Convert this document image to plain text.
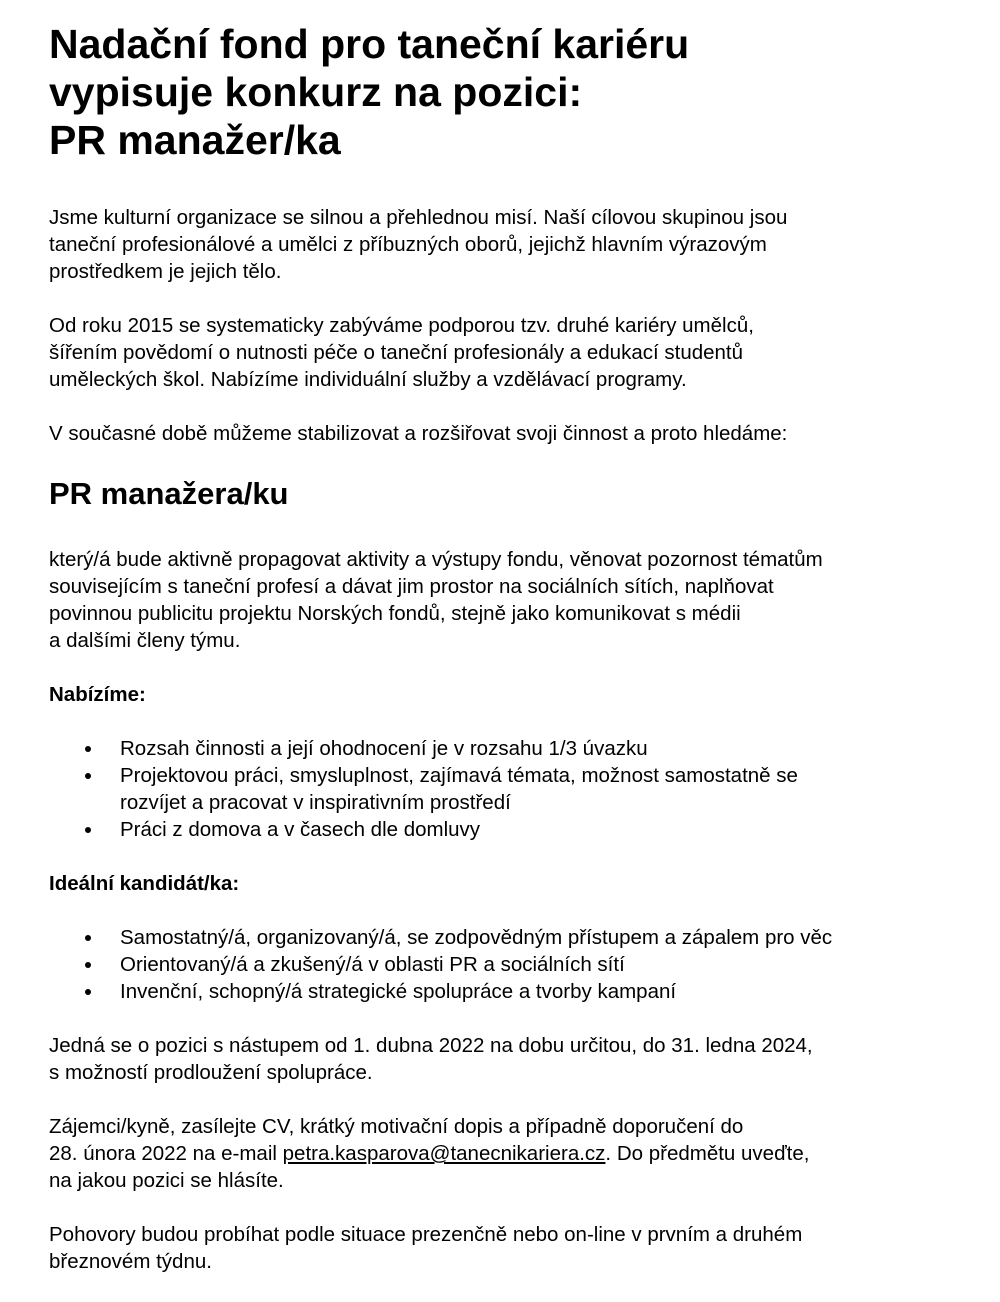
Nadační fond pro taneční kariéru
vypisuje konkurz na pozici:
PR manažer/ka

Jsme kulturní organizace se silnou a přehlednou misí. Naší cílovou skupinou jsou
taneční profesionálové a umělci z příbuzných oborů, jejichž hlavním výrazovým
prostředkem je jejich tělo.

Od roku 2015 se systematicky zabýváme podporou tzv. druhé kariéry umělců,
šířením povědomí o nutnosti péče o taneční profesionály a edukací studentů
uměleckých škol. Nabízíme individuální služby a vzdělávací programy.

V současné době můžeme stabilizovat a rozšiřovat svoji činnost a proto hledáme:

PR manažera/ku

který/á bude aktivně propagovat aktivity a výstupy fondu, věnovat pozornost tématům
souvisejícím s taneční profesí a dávat jim prostor na sociálních sítích, naplňovat
povinnou publicitu projektu Norských fondů, stejně jako komunikovat s médii
a dalšími členy týmu.

Nabízíme:
Rozsah činnosti a její ohodnocení je v rozsahu 1/3 úvazku
Projektovou práci, smysluplnost, zajímavá témata, možnost samostatně se
rozvíjet a pracovat v inspirativním prostředí
Práci z domova a v časech dle domluvy
Ideální kandidát/ka:
Samostatný/á, organizovaný/á, se zodpovědným přístupem a zápalem pro věc
Orientovaný/á a zkušený/á v oblasti PR a sociálních sítí
Invenční, schopný/á strategické spolupráce a tvorby kampaní

Jedná se o pozici s nástupem od 1. dubna 2022 na dobu určitou, do 31. ledna 2024,
s možností prodloužení spolupráce.

Zájemci/kyně, zasílejte CV, krátký motivační dopis a případně doporučení do
28. února 2022 na e-mail petra.kasparova@tanecnikariera.cz. Do předmětu uveďte,
na jakou pozici se hlásíte.

Pohovory budou probíhat podle situace prezenčně nebo on-line v prvním a druhém
březnovém týdnu.
